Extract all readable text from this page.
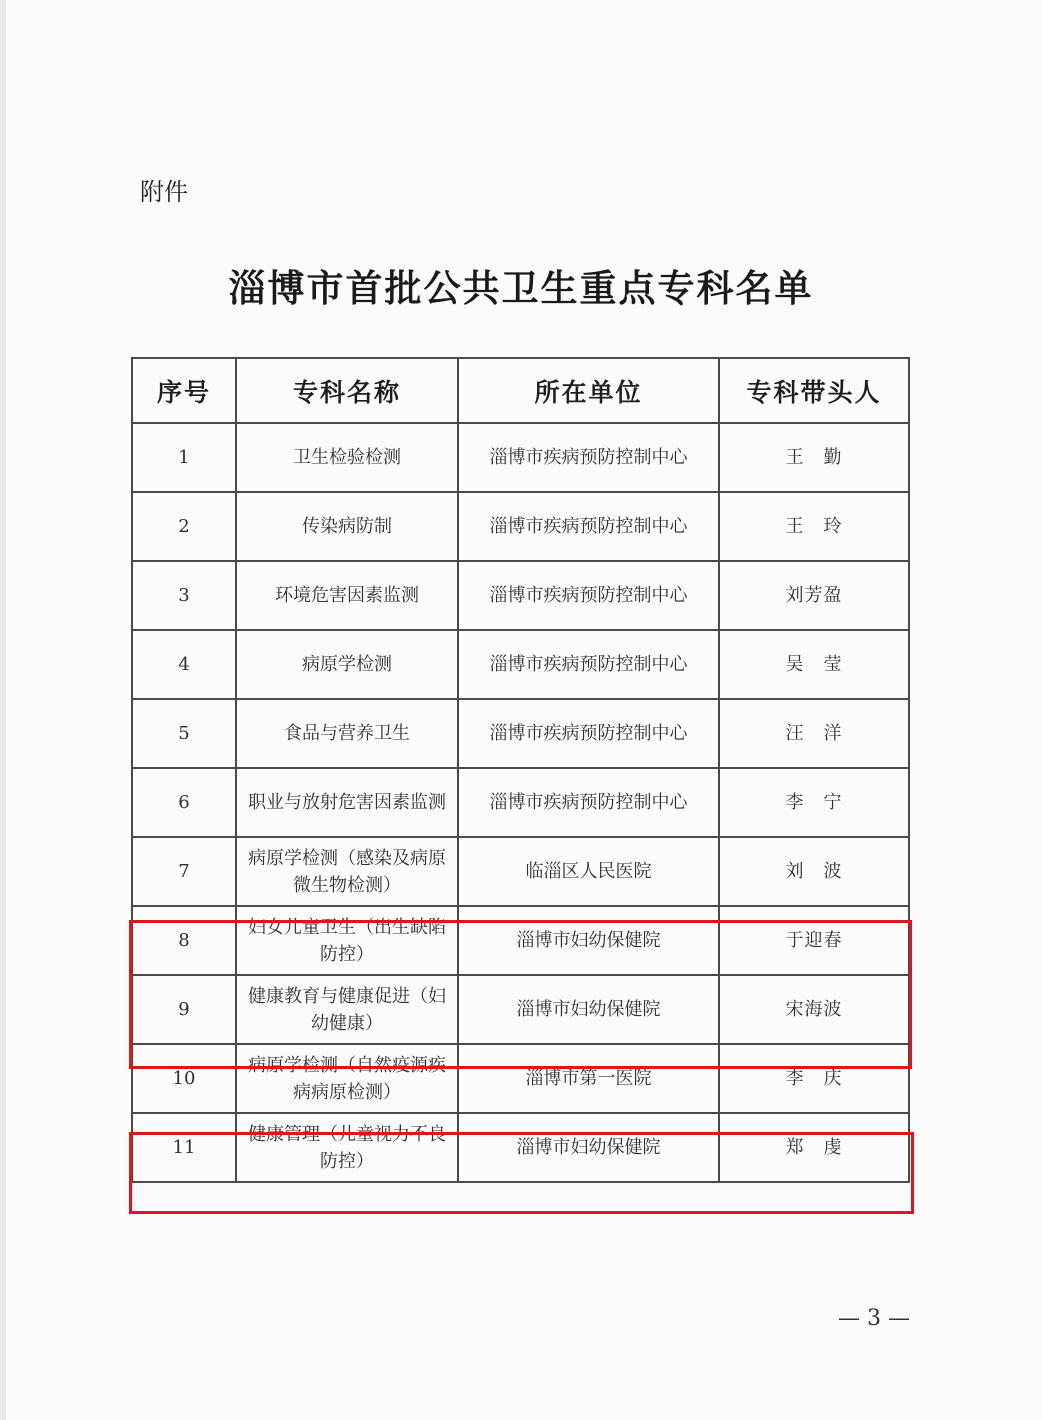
附件
淄博市首批公共卫生重点专科名单
序号	专科名称	所在单位	专科带头人
1	卫生检验检测	淄博市疾病预防控制中心	王　勤
2	传染病防制	淄博市疾病预防控制中心	王　玲
3	环境危害因素监测	淄博市疾病预防控制中心	刘芳盈
4	病原学检测	淄博市疾病预防控制中心	吴　莹
5	食品与营养卫生	淄博市疾病预防控制中心	汪　洋
6	职业与放射危害因素监测	淄博市疾病预防控制中心	李　宁
7	病原学检测（感染及病原微生物检测）	临淄区人民医院	刘　波
8	妇女儿童卫生（出生缺陷防控）	淄博市妇幼保健院	于迎春
9	健康教育与健康促进（妇幼健康）	淄博市妇幼保健院	宋海波
10	病原学检测（自然疫源疾病病原检测）	淄博市第一医院	李　庆
11	健康管理（儿童视力不良防控）	淄博市妇幼保健院	郑　虔
— 3 —
